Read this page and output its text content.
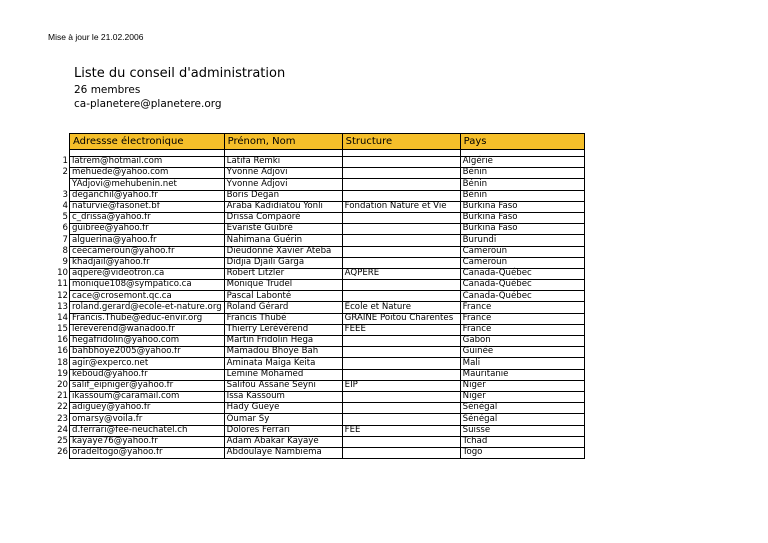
Mise à jour le 21.02.2006
Liste du conseil d'administration
26 membres
ca-planetere@planetere.org
	Adressse électronique	Prénom, Nom	Structure	Pays

1	latrem@hotmail.com	Latifa Remki		Algérie
2	mehuede@yahoo.com	Yvonne Adjovi		Bénin
	YAdjovi@mehubenin.net	Yvonne Adjovi		Bénin
3	deganchil@yahoo.fr	Boris Degan		Bénin
4	naturvie@fasonet.bf	Araba Kadidiatou Yonli	Fondation Nature et Vie	Burkina Faso
5	c_drissa@yahoo.fr	Drissa Compaoré		Burkina Faso
6	guibree@yahoo.fr	Evariste Guibré		Burkina Faso
7	alguerina@yahoo.fr	Nahimana Guérin		Burundi
8	ceecameroun@yahoo.fr	Dieudonné Xavier Ateba		Cameroun
9	khadjail@yahoo.fr	Didjia Djaili Garga		Cameroun
10	aqpere@videotron.ca	Robert Litzler	AQPERE	Canada-Québec
11	monique108@sympatico.ca	Monique Trudel		Canada-Québec
12	cace@crosemont.qc.ca	Pascal Labonté		Canada-Québec
13	roland.gerard@ecole-et-nature.org	Roland Gérard	Ecole et Nature	France
14	Francis.Thube@educ-envir.org	Francis Thubé	GRAINE Poitou Charentes	France
15	lereverend@wanadoo.fr	Thierry Lerévérend	FEEE	France
16	hegafridolin@yahoo.com	Martin Fridolin Hega		Gabon
16	bahbhoye2005@yahoo.fr	Mamadou Bhoye Bah		Guinée
18	agir@experco.net	Aminata Maiga Keita		Mali
19	keboud@yahoo.fr	Lemine Mohamed		Mauritanie
20	salif_eipniger@yahoo.fr	Salifou Assane Seyni	EIP	Niger
21	ikassoum@caramail.com	Issa Kassoum		Niger
22	adiguey@yahoo.fr	Hady Gueye		Sénégal
23	omarsy@voila.fr	Oumar Sy		Sénégal
24	d.ferrari@fee-neuchatel.ch	Dolores Ferrari	FEE	Suisse
25	kayaye76@yahoo.fr	Adam Abakar Kayaye		Tchad
26	oradeltogo@yahoo.fr	Abdoulaye Nambiema		Togo
